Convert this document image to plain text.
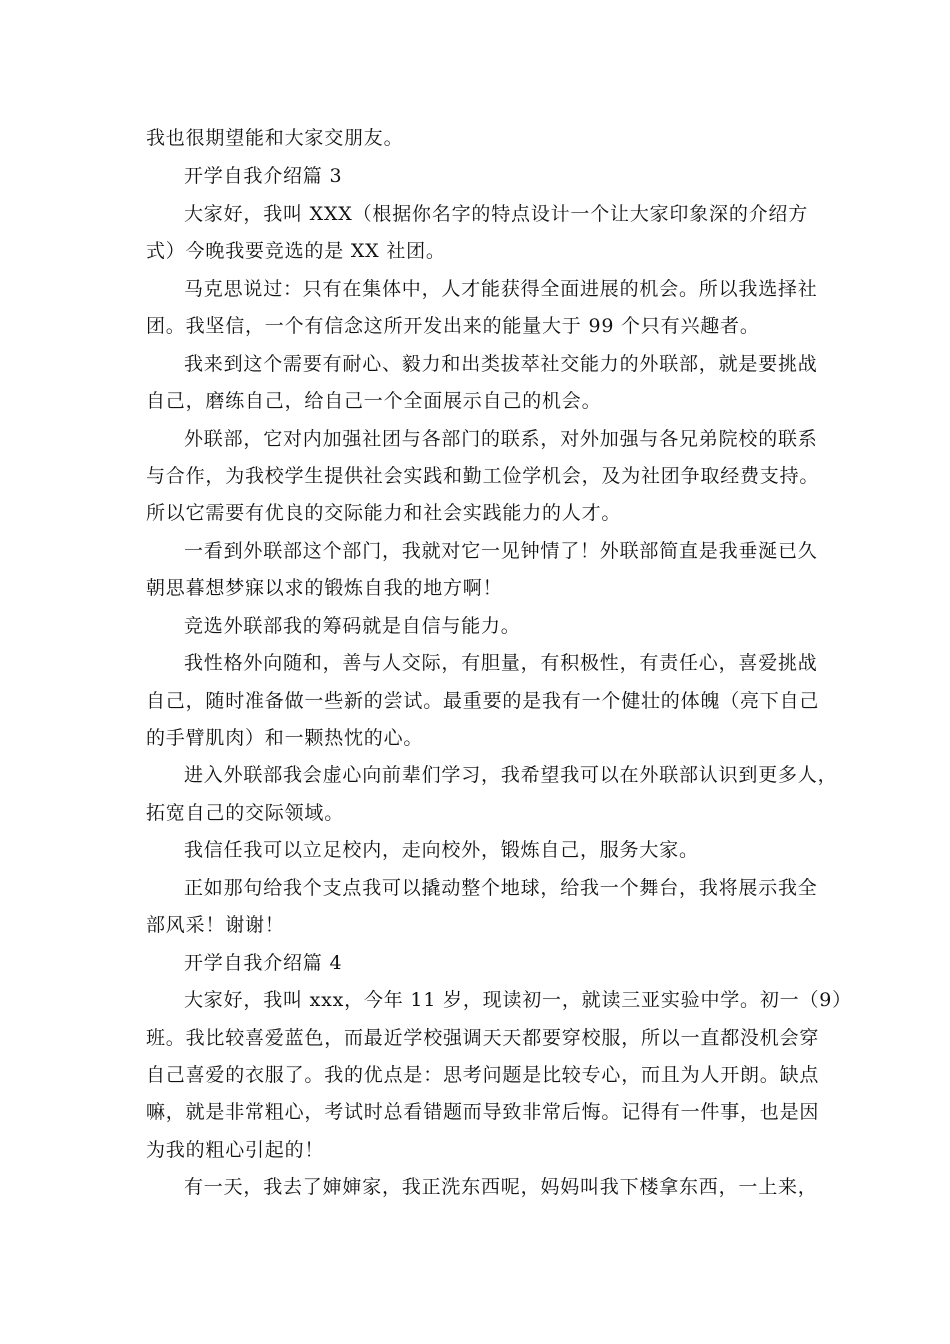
我也很期望能和大家交朋友。
开学自我介绍篇 3
大家好，我叫 XXX（根据你名字的特点设计一个让大家印象深的介绍方
式）今晚我要竞选的是 XX 社团。
马克思说过：只有在集体中，人才能获得全面进展的机会。所以我选择社
团。我坚信，一个有信念这所开发出来的能量大于 99 个只有兴趣者。
我来到这个需要有耐心、毅力和出类拔萃社交能力的外联部，就是要挑战
自己，磨练自己，给自己一个全面展示自己的机会。
外联部，它对内加强社团与各部门的联系，对外加强与各兄弟院校的联系
与合作，为我校学生提供社会实践和勤工俭学机会，及为社团争取经费支持。
所以它需要有优良的交际能力和社会实践能力的人才。
一看到外联部这个部门，我就对它一见钟情了！外联部简直是我垂涎已久
朝思暮想梦寐以求的锻炼自我的地方啊！
竞选外联部我的筹码就是自信与能力。
我性格外向随和，善与人交际，有胆量，有积极性，有责任心，喜爱挑战
自己，随时准备做一些新的尝试。最重要的是我有一个健壮的体魄（亮下自己
的手臂肌肉）和一颗热忱的心。
进入外联部我会虚心向前辈们学习，我希望我可以在外联部认识到更多人，
拓宽自己的交际领域。
我信任我可以立足校内，走向校外，锻炼自己，服务大家。
正如那句给我个支点我可以撬动整个地球，给我一个舞台，我将展示我全
部风采！谢谢！
开学自我介绍篇 4
大家好，我叫 xxx，今年 11 岁，现读初一，就读三亚实验中学。初一（9）
班。我比较喜爱蓝色，而最近学校强调天天都要穿校服，所以一直都没机会穿
自己喜爱的衣服了。我的优点是：思考问题是比较专心，而且为人开朗。缺点
嘛，就是非常粗心，考试时总看错题而导致非常后悔。记得有一件事，也是因
为我的粗心引起的！
有一天，我去了婶婶家，我正洗东西呢，妈妈叫我下楼拿东西，一上来，
